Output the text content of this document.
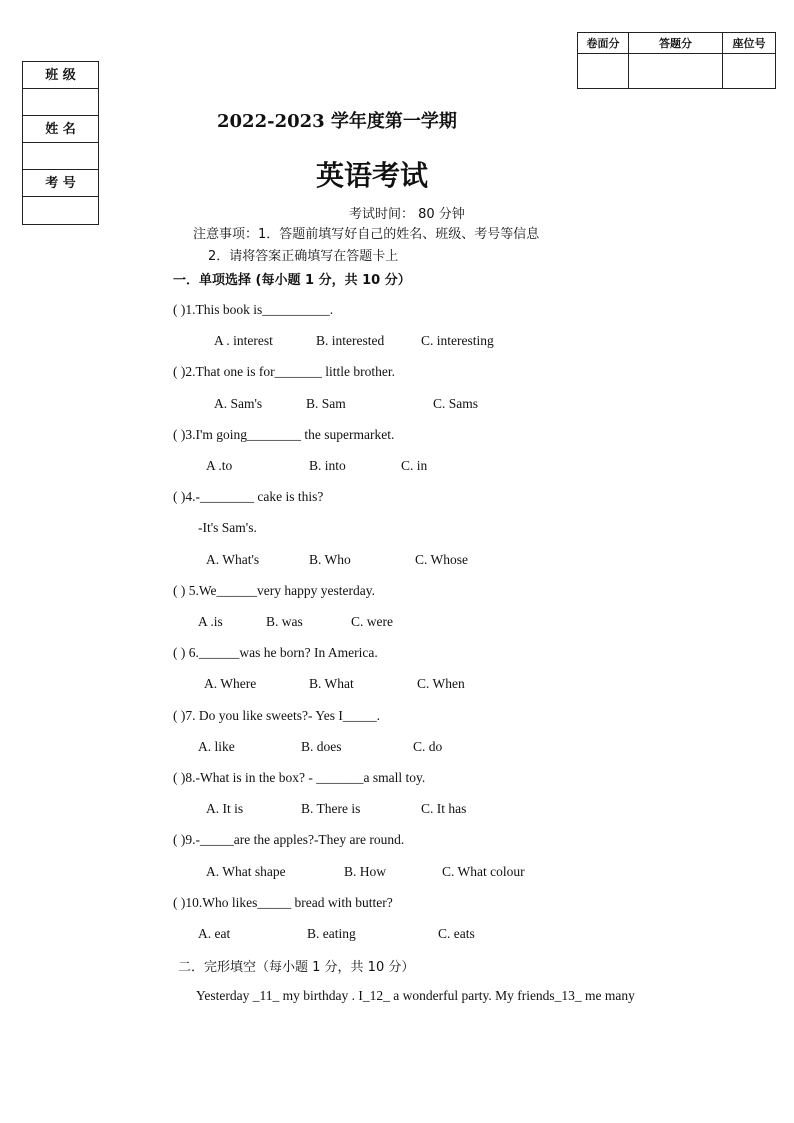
卷面分	答题分	座位号

班 级
姓 名
考 号
2022-2023 学年度第一学期
英语考试
考试时间： 80 分钟
注意事项：1．答题前填写好自己的姓名、班级、考号等信息
2．请将答案正确填写在答题卡上
一．单项选择 (每小题 1 分，共 10 分）
( )1.This book is__________.
A . interest	B. interested	C. interesting
( )2.That one is for_______ little brother.
A. Sam's	B. Sam	C. Sams
( )3.I'm going________ the supermarket.
A .to	B. into	C. in
( )4.-________ cake is this?
-It's Sam's.
A. What's	B. Who	C. Whose
( ) 5.We______very happy yesterday.
A .is	B. was	C. were
( ) 6.______was he born? In America.
A. Where	B. What	C. When
( )7. Do you like sweets?- Yes I_____.
A. like	B. does	C. do
( )8.-What is in the box? - _______a small toy.
A. It is	B. There is	C. It has
( )9.-_____are the apples?-They are round.
A. What shape	B. How	C. What colour
( )10.Who likes_____ bread with butter?
A. eat	B. eating	C. eats
二．完形填空（每小题 1 分，共 10 分）
Yesterday _11_ my birthday . I_12_ a wonderful party. My friends_13_ me many
